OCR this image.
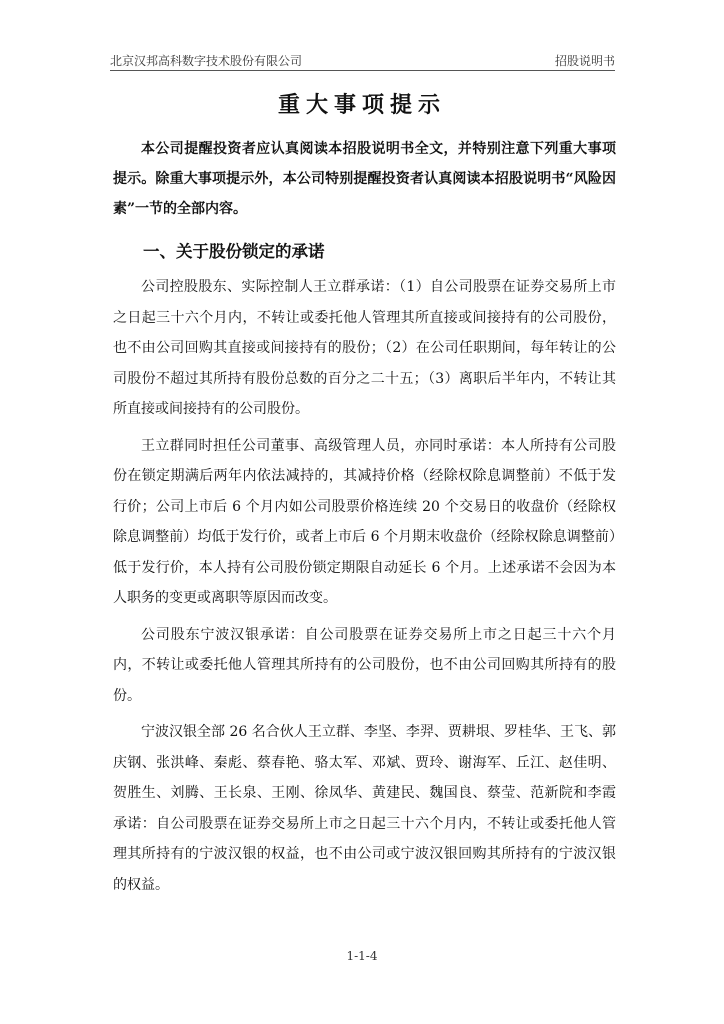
北京汉邦高科数字技术股份有限公司	招股说明书
重大事项提示

本公司提醒投资者应认真阅读本招股说明书全文，并特别注意下列重大事项提示。除重大事项提示外，本公司特别提醒投资者认真阅读本招股说明书“风险因素”一节的全部内容。

一、关于股份锁定的承诺

公司控股股东、实际控制人王立群承诺：（1）自公司股票在证券交易所上市之日起三十六个月内，不转让或委托他人管理其所直接或间接持有的公司股份，也不由公司回购其直接或间接持有的股份；（2）在公司任职期间，每年转让的公司股份不超过其所持有股份总数的百分之二十五；（3）离职后半年内，不转让其所直接或间接持有的公司股份。

王立群同时担任公司董事、高级管理人员，亦同时承诺：本人所持有公司股份在锁定期满后两年内依法减持的，其减持价格（经除权除息调整前）不低于发行价；公司上市后 6 个月内如公司股票价格连续 20 个交易日的收盘价（经除权除息调整前）均低于发行价，或者上市后 6 个月期末收盘价（经除权除息调整前）低于发行价，本人持有公司股份锁定期限自动延长 6 个月。上述承诺不会因为本人职务的变更或离职等原因而改变。

公司股东宁波汉银承诺：自公司股票在证券交易所上市之日起三十六个月内，不转让或委托他人管理其所持有的公司股份，也不由公司回购其所持有的股份。

宁波汉银全部 26 名合伙人王立群、李坚、李羿、贾耕垠、罗桂华、王飞、郭庆钢、张洪峰、秦彪、蔡春艳、骆太军、邓斌、贾玲、谢海军、丘江、赵佳明、贺胜生、刘腾、王长泉、王刚、徐凤华、黄建民、魏国良、蔡莹、范新院和李霞承诺：自公司股票在证券交易所上市之日起三十六个月内，不转让或委托他人管理其所持有的宁波汉银的权益，也不由公司或宁波汉银回购其所持有的宁波汉银的权益。

1-1-4
